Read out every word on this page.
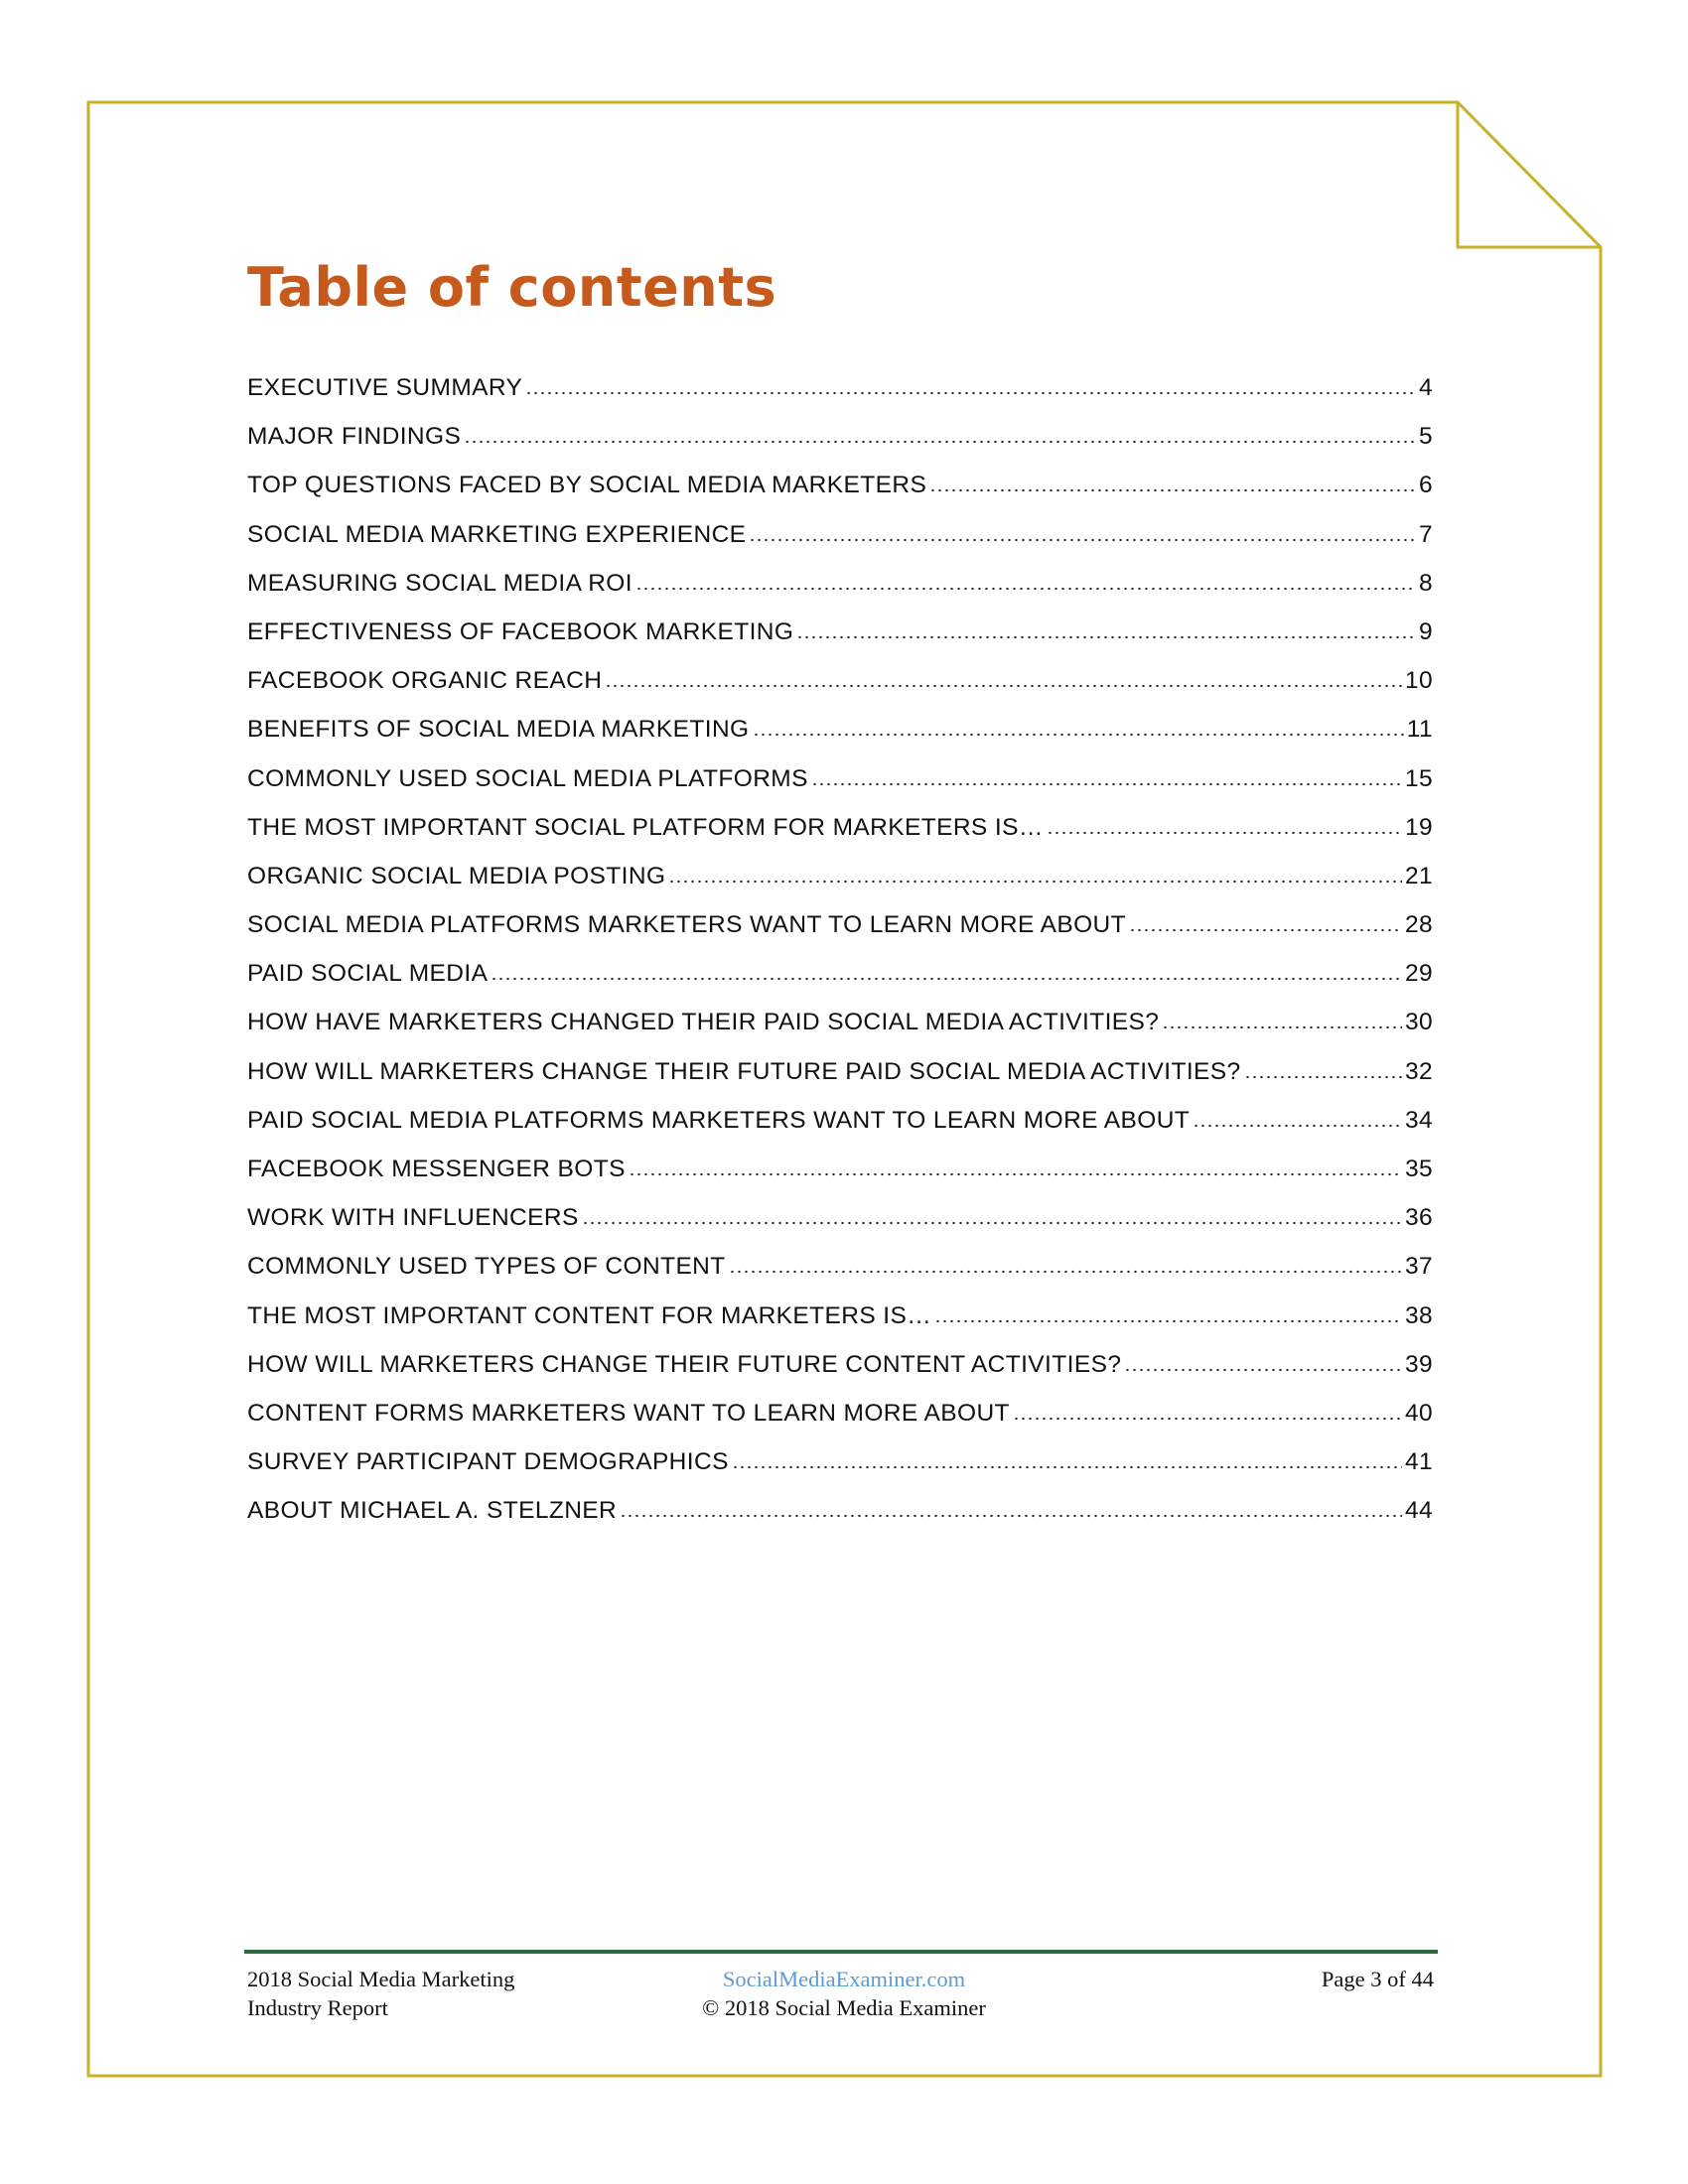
Table of contents
EXECUTIVE SUMMARY	4
MAJOR FINDINGS	5
TOP QUESTIONS FACED BY SOCIAL MEDIA MARKETERS	6
SOCIAL MEDIA MARKETING EXPERIENCE	7
MEASURING SOCIAL MEDIA ROI	8
EFFECTIVENESS OF FACEBOOK MARKETING	9
FACEBOOK ORGANIC REACH	10
BENEFITS OF SOCIAL MEDIA MARKETING	11
COMMONLY USED SOCIAL MEDIA PLATFORMS	15
THE MOST IMPORTANT SOCIAL PLATFORM FOR MARKETERS IS…	19
ORGANIC SOCIAL MEDIA POSTING	21
SOCIAL MEDIA PLATFORMS MARKETERS WANT TO LEARN MORE ABOUT	28
PAID SOCIAL MEDIA	29
HOW HAVE MARKETERS CHANGED THEIR PAID SOCIAL MEDIA ACTIVITIES?	30
HOW WILL MARKETERS CHANGE THEIR FUTURE PAID SOCIAL MEDIA ACTIVITIES?	32
PAID SOCIAL MEDIA PLATFORMS MARKETERS WANT TO LEARN MORE ABOUT	34
FACEBOOK MESSENGER BOTS	35
WORK WITH INFLUENCERS	36
COMMONLY USED TYPES OF CONTENT	37
THE MOST IMPORTANT CONTENT FOR MARKETERS IS…	38
HOW WILL MARKETERS CHANGE THEIR FUTURE CONTENT ACTIVITIES?	39
CONTENT FORMS MARKETERS WANT TO LEARN MORE ABOUT	40
SURVEY PARTICIPANT DEMOGRAPHICS	41
ABOUT MICHAEL A. STELZNER	44
2018 Social Media Marketing
Industry Report
SocialMediaExaminer.com
© 2018 Social Media Examiner
Page 3 of 44
